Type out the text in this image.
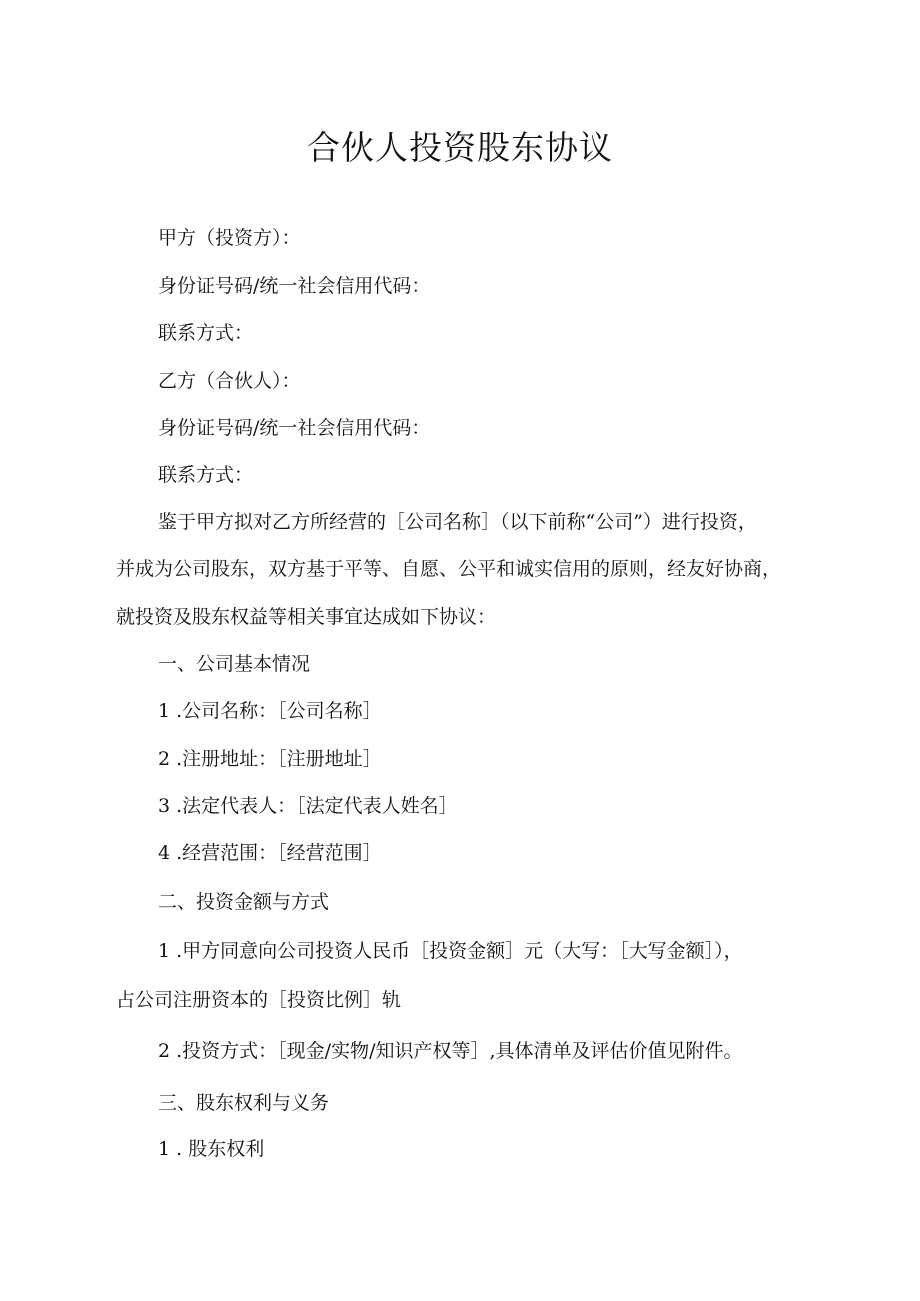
合伙人投资股东协议
甲方（投资方）：
身份证号码/统一社会信用代码：
联系方式：
乙方（合伙人）：
身份证号码/统一社会信用代码：
联系方式：
鉴于甲方拟对乙方所经营的［公司名称］（以下前称“公司”）进行投资，
并成为公司股东，双方基于平等、自愿、公平和诚实信用的原则，经友好协商，
就投资及股东权益等相关事宜达成如下协议：
一、公司基本情况
1 .公司名称：［公司名称］
2 .注册地址：［注册地址］
3 .法定代表人：［法定代表人姓名］
4 .经营范围：［经营范围］
二、投资金额与方式
1 .甲方同意向公司投资人民币［投资金额］元（大写：［大写金额］），
占公司注册资本的［投资比例］轨
2 .投资方式：［现金/实物/知识产权等］,具体清单及评估价值见附件。
三、股东权利与义务
1 . 股东权利
